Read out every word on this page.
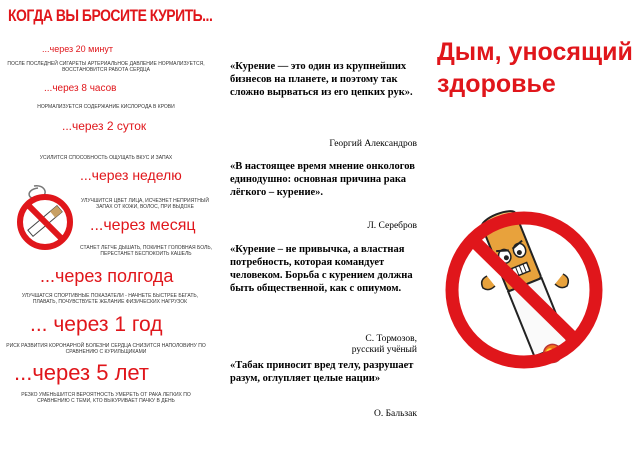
КОГДА ВЫ БРОСИТЕ КУРИТЬ...
...через 20 минут
ПОСЛЕ ПОСЛЕДНЕЙ СИГАРЕТЫ АРТЕРИАЛЬНОЕ ДАВЛЕНИЕ НОРМАЛИЗУЕТСЯ, ВОССТАНОВИТСЯ РАБОТА СЕРДЦА
...через 8 часов
НОРМАЛИЗУЕТСЯ СОДЕРЖАНИЕ КИСЛОРОДА В КРОВИ
...через 2 суток
УСИЛИТСЯ СПОСОБНОСТЬ ОЩУЩАТЬ ВКУС И ЗАПАХ
...через неделю
УЛУЧШИТСЯ ЦВЕТ ЛИЦА, ИСЧЕЗНЕТ НЕПРИЯТНЫЙ ЗАПАХ ОТ КОЖИ, ВОЛОС, ПРИ ВЫДОХЕ
...через месяц
СТАНЕТ ЛЕГЧЕ ДЫШАТЬ, ПОКИНЕТ ГОЛОВНАЯ БОЛЬ, ПЕРЕСТАНЕТ БЕСПОКОИТЬ КАШЕЛЬ
...через полгода
УЛУЧШАТСЯ СПОРТИВНЫЕ ПОКАЗАТЕЛИ - НАЧНЕТЕ БЫСТРЕЕ БЕГАТЬ, ПЛАВАТЬ, ПОЧУВСТВУЕТЕ ЖЕЛАНИЕ ФИЗИЧЕСКИХ НАГРУЗОК
... через 1 год
РИСК РАЗВИТИЯ КОРОНАРНОЙ БОЛЕЗНИ СЕРДЦА СНИЗИТСЯ НАПОЛОВИНУ ПО СРАВНЕНИЮ С КУРИЛЬЩИКАМИ
...через 5 лет
РЕЗКО УМЕНЬШИТСЯ ВЕРОЯТНОСТЬ УМЕРЕТЬ ОТ РАКА ЛЕГКИХ ПО СРАВНЕНИЮ С ТЕМИ, КТО ВЫКУРИВАЕТ ПАЧКУ В ДЕНЬ
«Курение — это один из крупнейших бизнесов на планете, и поэтому так сложно вырваться из его цепких рук».
Георгий Александров
«В настоящее время мнение онкологов единодушно: основная причина рака лёгкого – курение».
Л. Серебров
«Курение – не привычка, а властная потребность, которая командует человеком. Борьба с курением должна быть общественной, как с опиумом.
С. Тормозов,
русский учёный
«Табак приносит вред телу, разрушает разум, оглупляет целые нации»
О. Бальзак
Дым, уносящий здоровье
